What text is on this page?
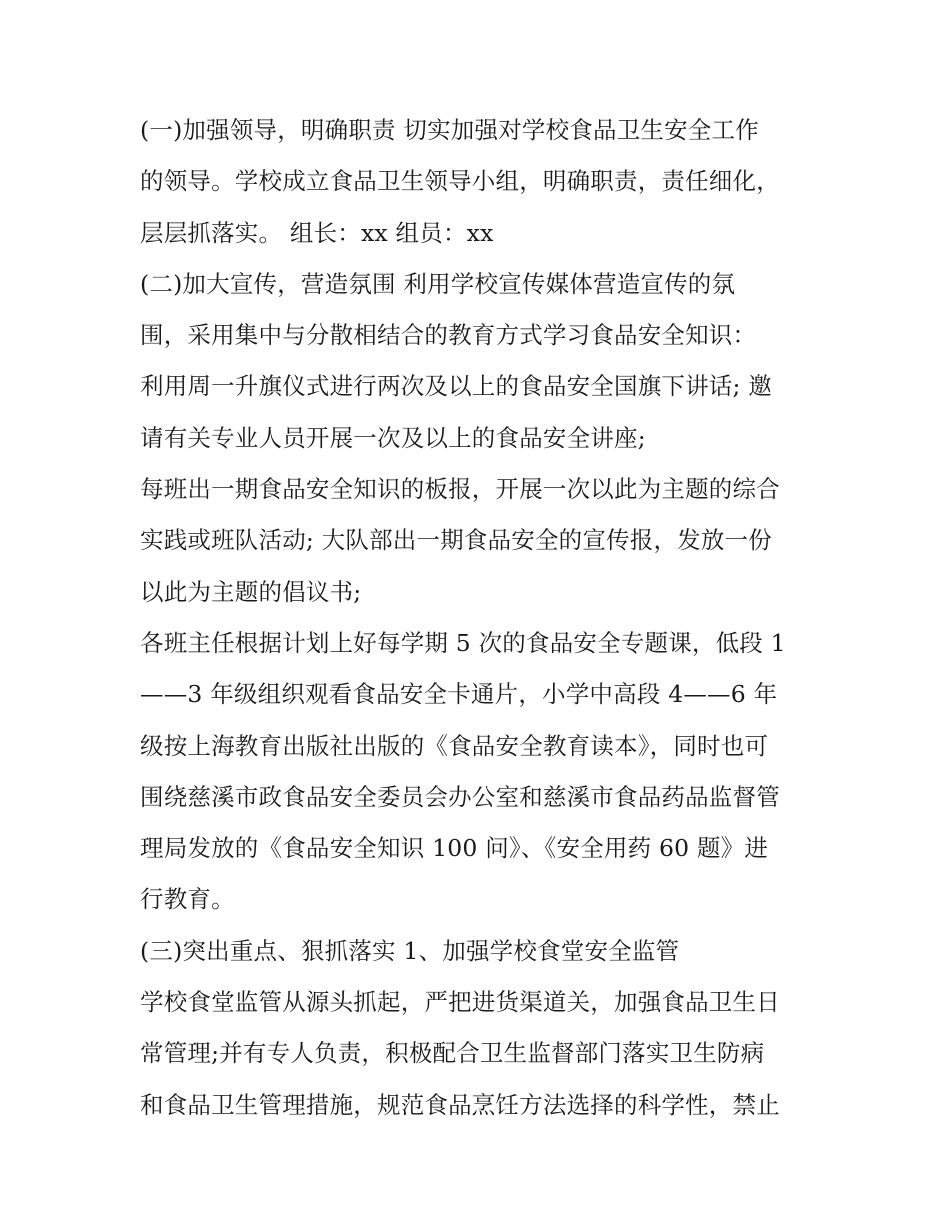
(一)加强领导，明确职责 切实加强对学校食品卫生安全工作
的领导。学校成立食品卫生领导小组，明确职责，责任细化，
层层抓落实。 组长：xx 组员：xx
(二)加大宣传，营造氛围 利用学校宣传媒体营造宣传的氛
围，采用集中与分散相结合的教育方式学习食品安全知识：
利用周一升旗仪式进行两次及以上的食品安全国旗下讲话; 邀
请有关专业人员开展一次及以上的食品安全讲座;
每班出一期食品安全知识的板报，开展一次以此为主题的综合
实践或班队活动; 大队部出一期食品安全的宣传报，发放一份
以此为主题的倡议书;
各班主任根据计划上好每学期 5 次的食品安全专题课，低段 1
——3 年级组织观看食品安全卡通片，小学中高段 4——6 年
级按上海教育出版社出版的《食品安全教育读本》，同时也可
围绕慈溪市政食品安全委员会办公室和慈溪市食品药品监督管
理局发放的《食品安全知识 100 问》、《安全用药 60 题》进
行教育。
(三)突出重点、狠抓落实 1、加强学校食堂安全监管
学校食堂监管从源头抓起，严把进货渠道关，加强食品卫生日
常管理;并有专人负责，积极配合卫生监督部门落实卫生防病
和食品卫生管理措施，规范食品烹饪方法选择的科学性，禁止
